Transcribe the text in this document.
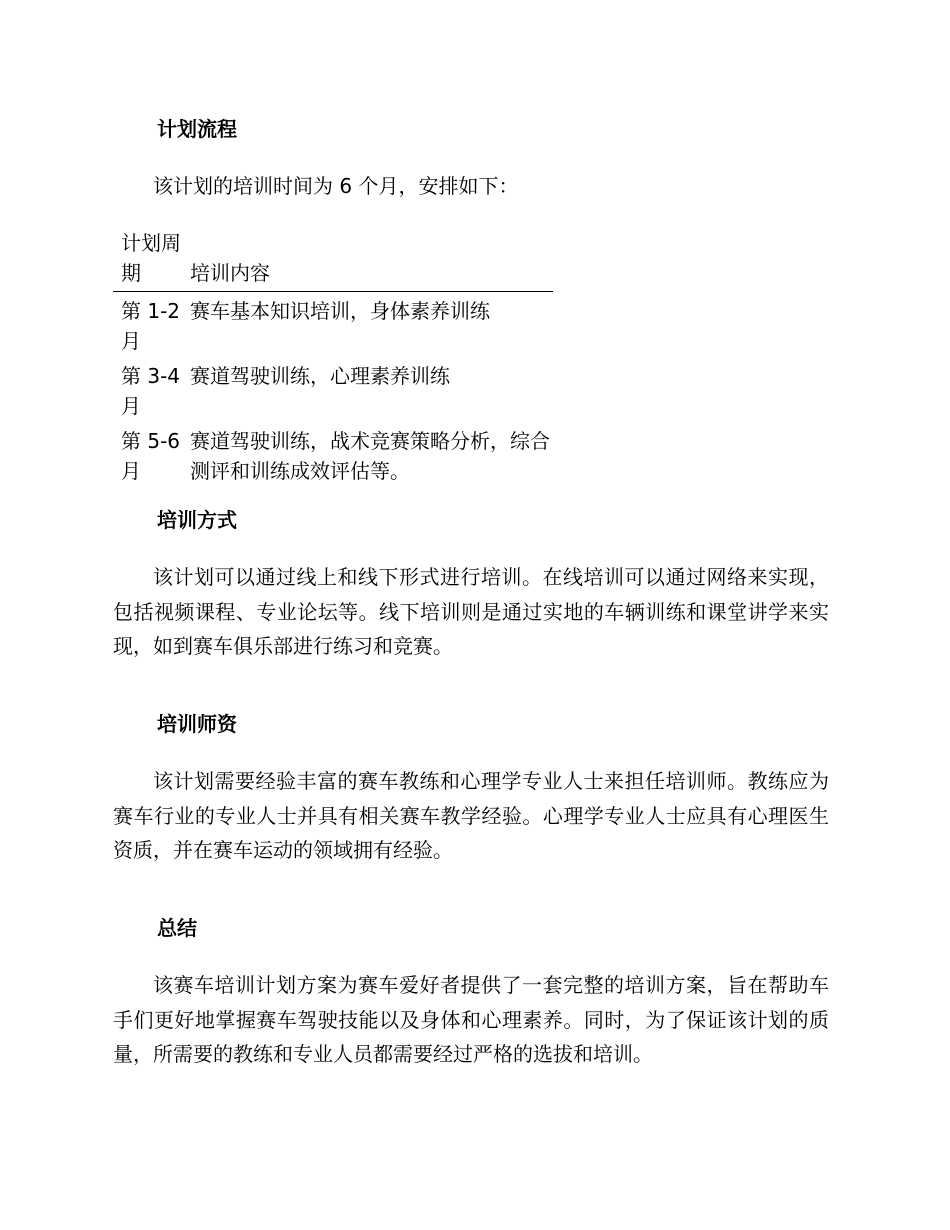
计划流程
该计划的培训时间为 6 个月，安排如下：
计划周期	培训内容
第 1-2 月	赛车基本知识培训，身体素养训练
第 3-4 月	赛道驾驶训练，心理素养训练
第 5-6 月	赛道驾驶训练，战术竞赛策略分析，综合测评和训练成效评估等。
培训方式
该计划可以通过线上和线下形式进行培训。在线培训可以通过网络来实现，包括视频课程、专业论坛等。线下培训则是通过实地的车辆训练和课堂讲学来实现，如到赛车俱乐部进行练习和竞赛。
培训师资
该计划需要经验丰富的赛车教练和心理学专业人士来担任培训师。教练应为赛车行业的专业人士并具有相关赛车教学经验。心理学专业人士应具有心理医生资质，并在赛车运动的领域拥有经验。
总结
该赛车培训计划方案为赛车爱好者提供了一套完整的培训方案，旨在帮助车手们更好地掌握赛车驾驶技能以及身体和心理素养。同时，为了保证该计划的质量，所需要的教练和专业人员都需要经过严格的选拔和培训。
